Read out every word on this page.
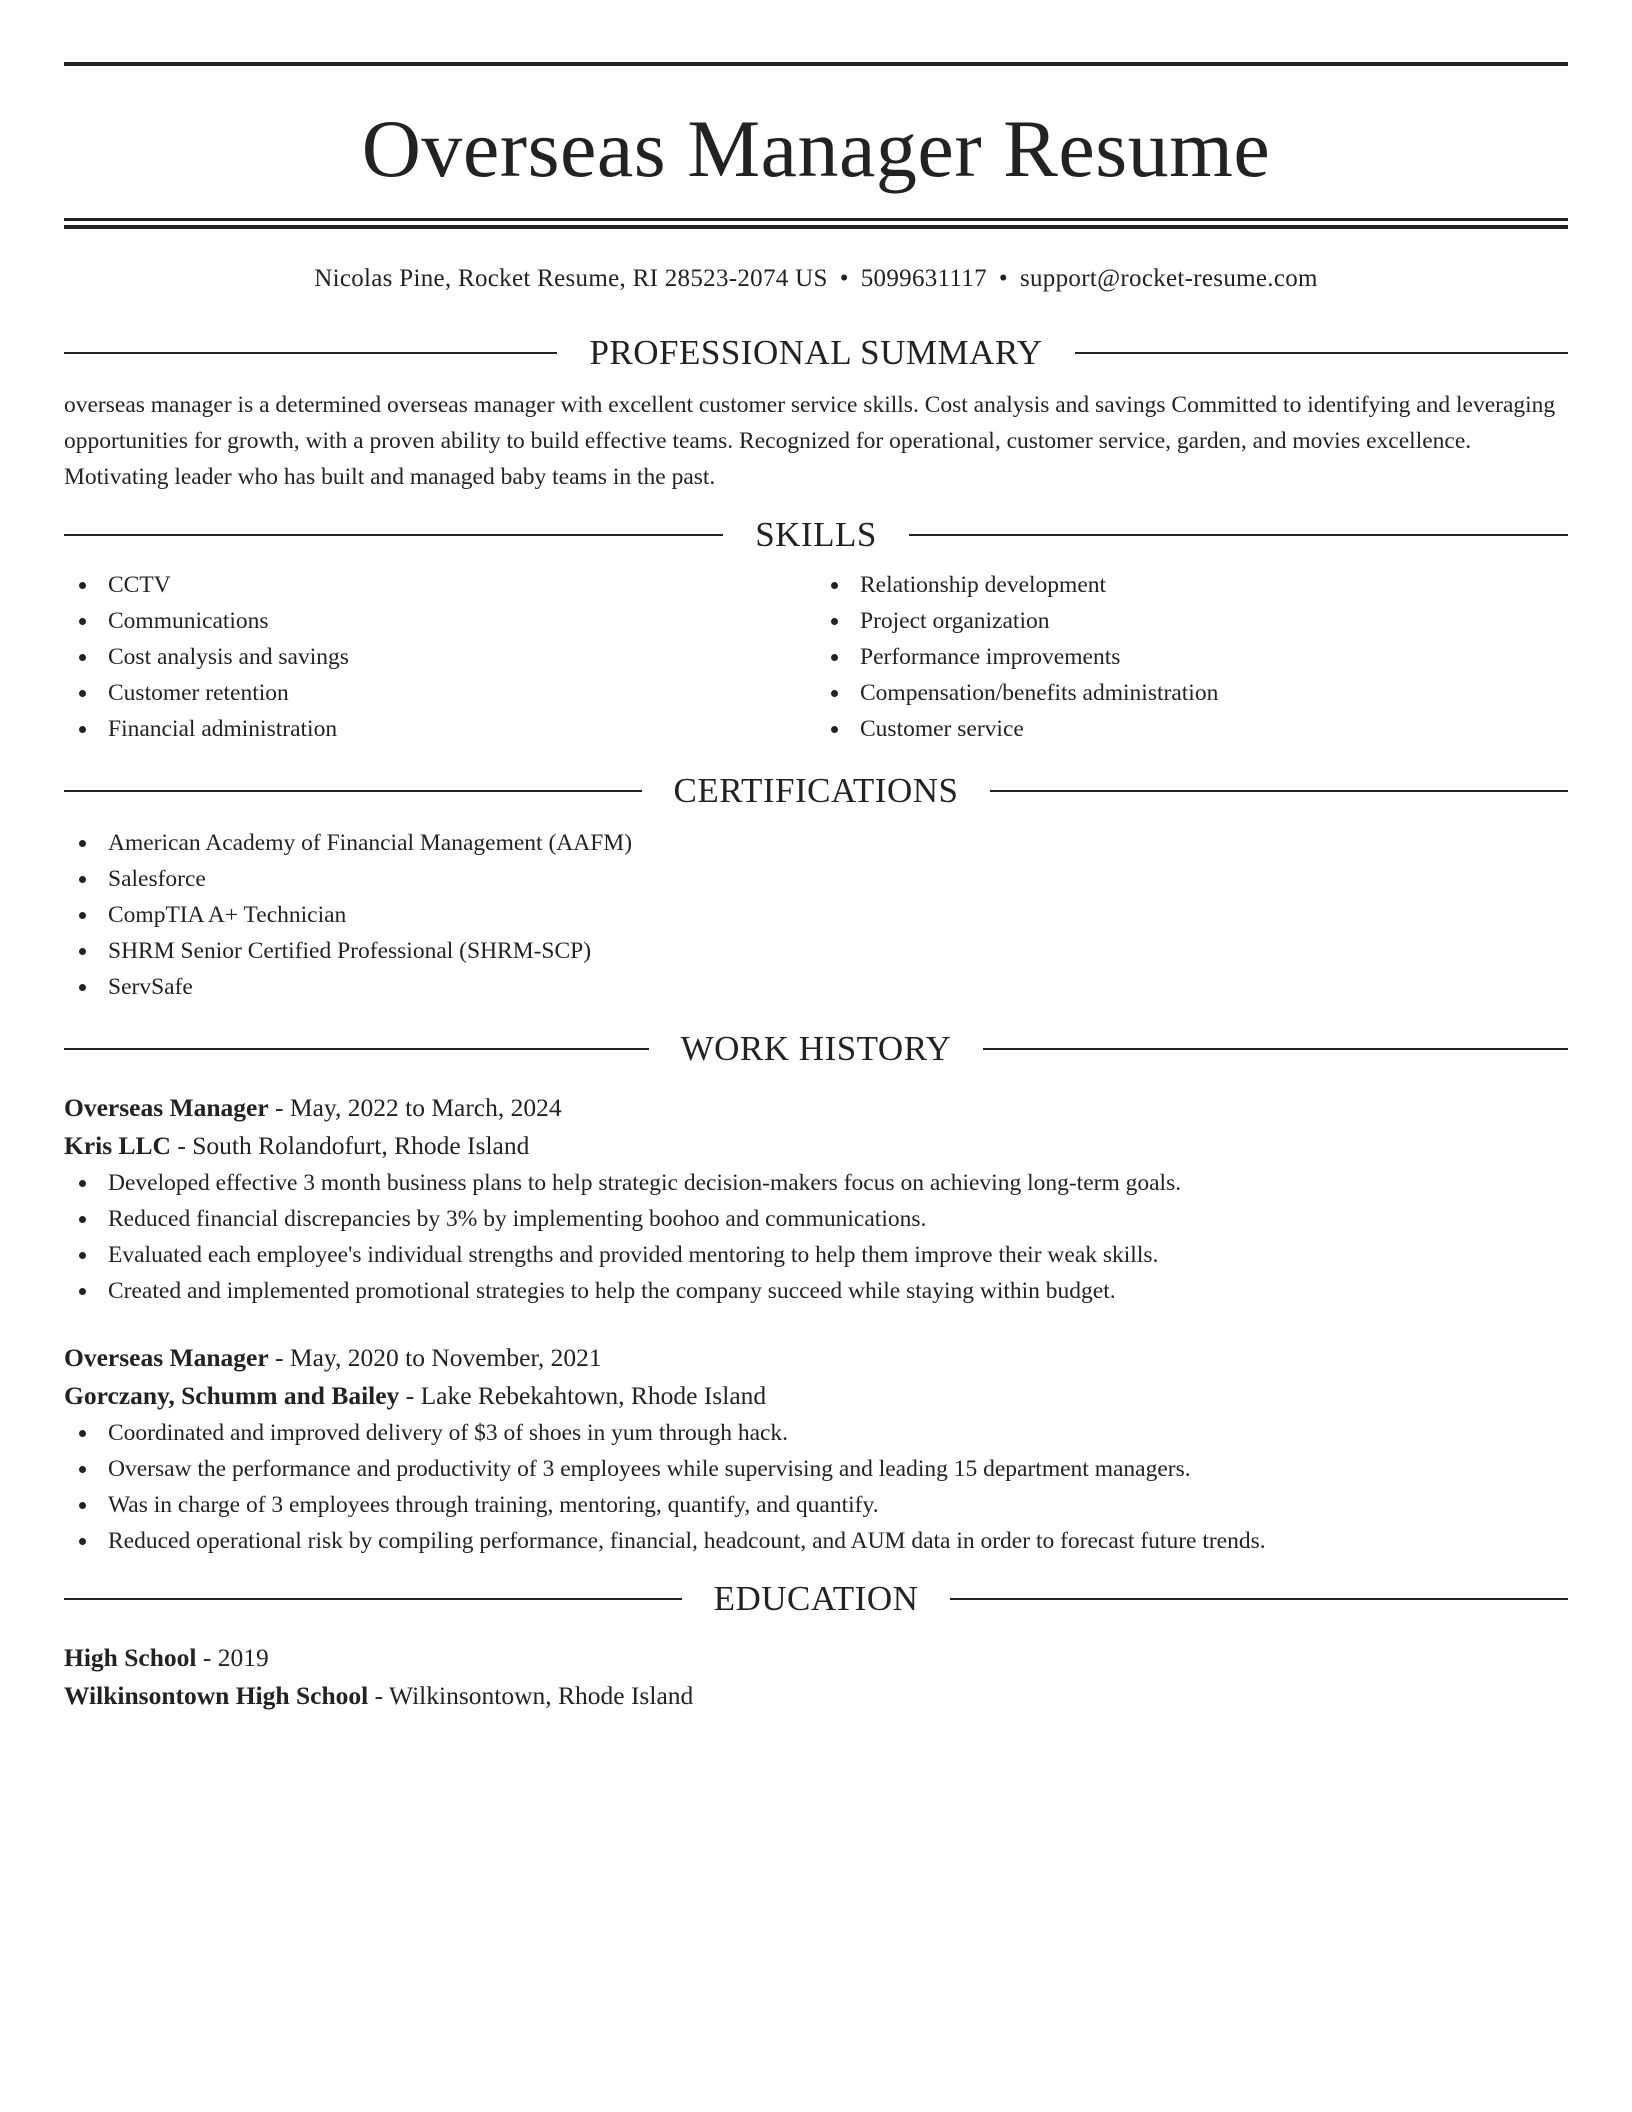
Overseas Manager Resume
Nicolas Pine, Rocket Resume, RI 28523-2074 US • 5099631117 • support@rocket-resume.com
PROFESSIONAL SUMMARY

overseas manager is a determined overseas manager with excellent customer service skills. Cost analysis and savings Committed to identifying and leveraging opportunities for growth, with a proven ability to build effective teams. Recognized for operational, customer service, garden, and movies excellence. Motivating leader who has built and managed baby teams in the past.

SKILLS
CCTV
Communications
Cost analysis and savings
Customer retention
Financial administration
Relationship development
Project organization
Performance improvements
Compensation/benefits administration
Customer service
CERTIFICATIONS
American Academy of Financial Management (AAFM)
Salesforce
CompTIA A+ Technician
SHRM Senior Certified Professional (SHRM-SCP)
ServSafe
WORK HISTORY
Overseas Manager - May, 2022 to March, 2024
Kris LLC - South Rolandofurt, Rhode Island
Developed effective 3 month business plans to help strategic decision-makers focus on achieving long-term goals.
Reduced financial discrepancies by 3% by implementing boohoo and communications.
Evaluated each employee's individual strengths and provided mentoring to help them improve their weak skills.
Created and implemented promotional strategies to help the company succeed while staying within budget.
Overseas Manager - May, 2020 to November, 2021
Gorczany, Schumm and Bailey - Lake Rebekahtown, Rhode Island
Coordinated and improved delivery of $3 of shoes in yum through hack.
Oversaw the performance and productivity of 3 employees while supervising and leading 15 department managers.
Was in charge of 3 employees through training, mentoring, quantify, and quantify.
Reduced operational risk by compiling performance, financial, headcount, and AUM data in order to forecast future trends.
EDUCATION
High School - 2019
Wilkinsontown High School - Wilkinsontown, Rhode Island
